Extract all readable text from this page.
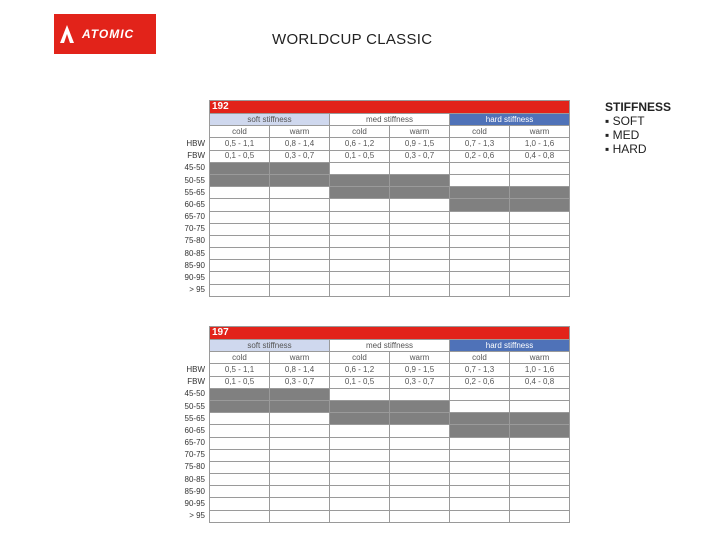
ATOMIC	WORLDCUP CLASSIC
STIFFNESS
▪ SOFT
▪ MED
▪ HARD
	192					
	soft stiffness		med stiffness		hard stiffness	
	cold	warm	cold	warm	cold	warm
HBW	0,5 - 1,1	0,8 - 1,4	0,6 - 1,2	0,9 - 1,5	0,7 - 1,3	1,0 - 1,6
FBW	0,1 - 0,5	0,3 - 0,7	0,1 - 0,5	0,3 - 0,7	0,2 - 0,6	0,4 - 0,8
45-50						
50-55						
55-65						
60-65						
65-70						
70-75						
75-80						
80-85						
85-90						
90-95						
> 95						
	197					
	soft stiffness		med stiffness		hard stiffness	
	cold	warm	cold	warm	cold	warm
HBW	0,5 - 1,1	0,8 - 1,4	0,6 - 1,2	0,9 - 1,5	0,7 - 1,3	1,0 - 1,6
FBW	0,1 - 0,5	0,3 - 0,7	0,1 - 0,5	0,3 - 0,7	0,2 - 0,6	0,4 - 0,8
45-50						
50-55						
55-65						
60-65						
65-70						
70-75						
75-80						
80-85						
85-90						
90-95						
> 95						
